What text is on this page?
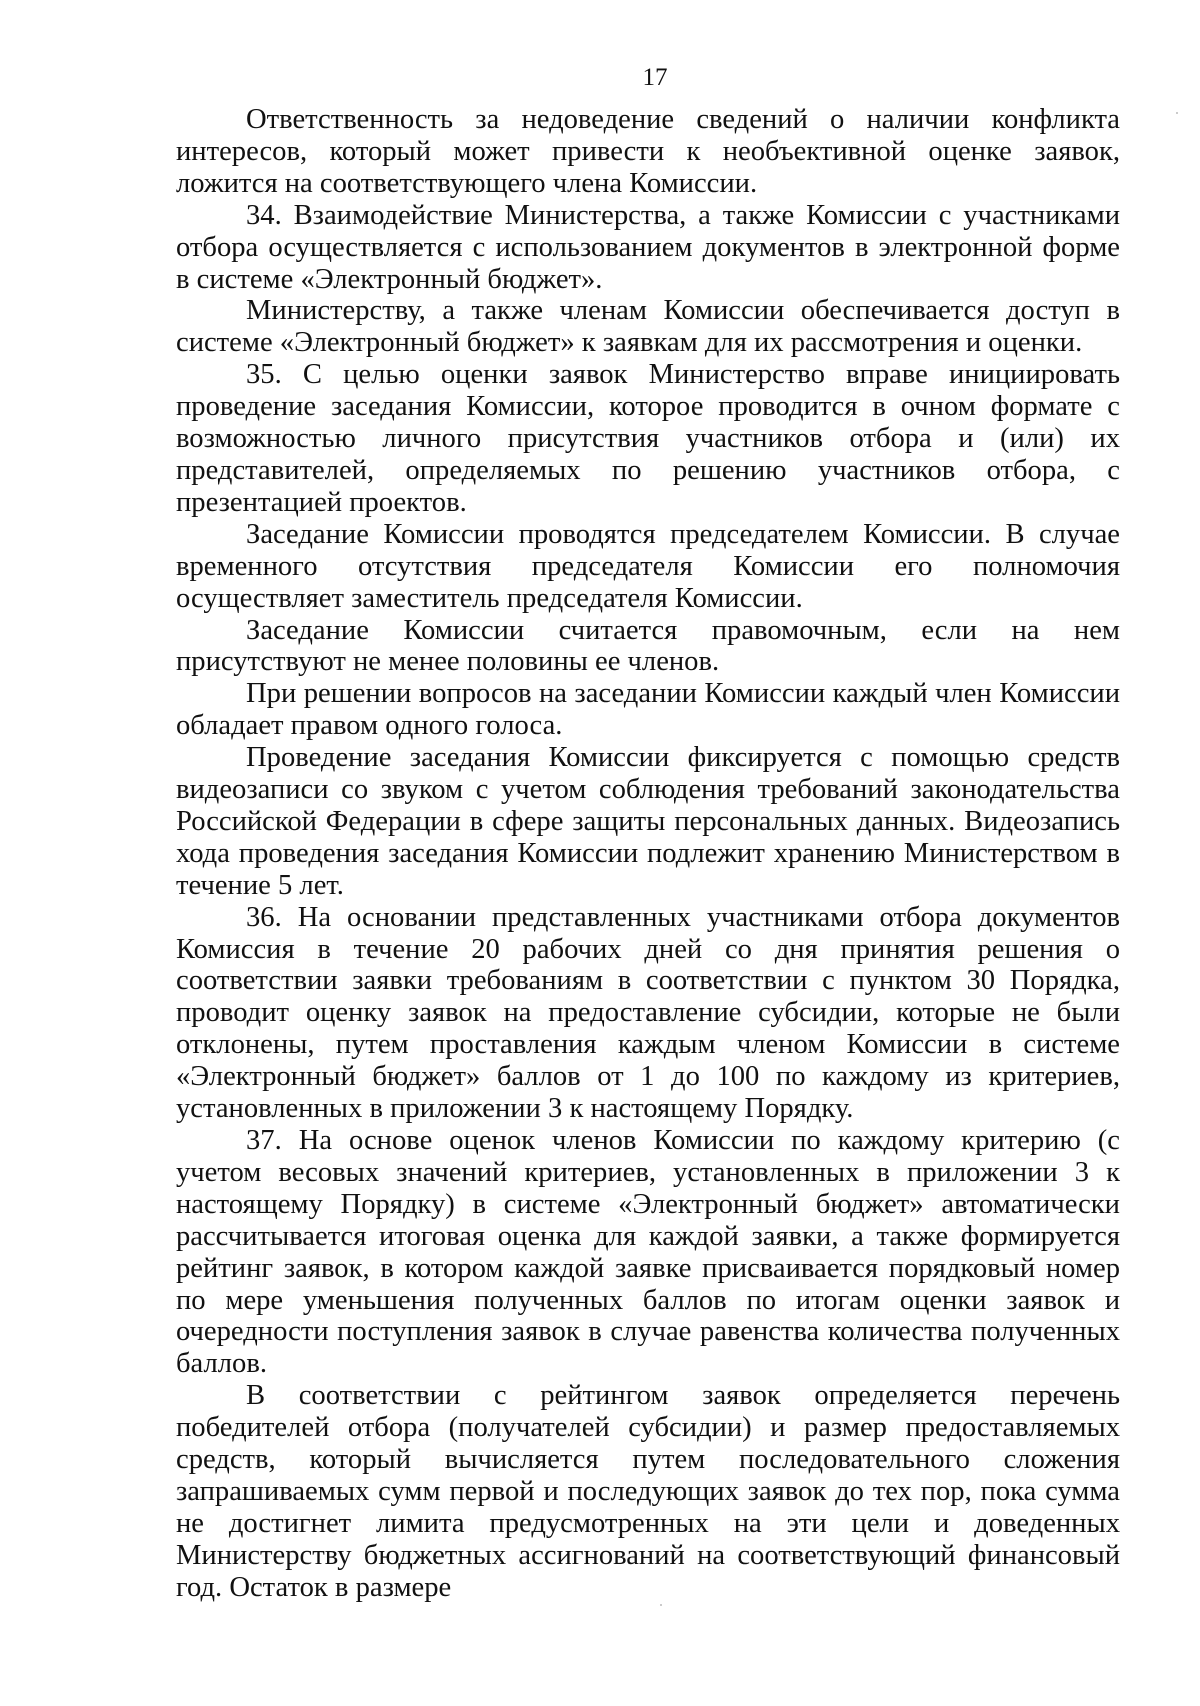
17

Ответственность за недоведение сведений о наличии конфликта интересов, который может привести к необъективной оценке заявок, ложится на соответствующего члена Комиссии.

34. Взаимодействие Министерства, а также Комиссии с участниками отбора осуществляется с использованием документов в электронной форме в системе «Электронный бюджет».

Министерству, а также членам Комиссии обеспечивается доступ в системе «Электронный бюджет» к заявкам для их рассмотрения и оценки.

35. С целью оценки заявок Министерство вправе инициировать проведение заседания Комиссии, которое проводится в очном формате с возможностью личного присутствия участников отбора и (или) их представителей, определяемых по решению участников отбора, с презентацией проектов.

Заседание Комиссии проводятся председателем Комиссии. В случае временного отсутствия председателя Комиссии его полномочия осуществляет заместитель председателя Комиссии.

Заседание Комиссии считается правомочным, если на нем присутствуют не менее половины ее членов.

При решении вопросов на заседании Комиссии каждый член Комиссии обладает правом одного голоса.

Проведение заседания Комиссии фиксируется с помощью средств видеозаписи со звуком с учетом соблюдения требований законодательства Российской Федерации в сфере защиты персональных данных. Видеозапись хода проведения заседания Комиссии подлежит хранению Министерством в течение 5 лет.

36. На основании представленных участниками отбора документов Комиссия в течение 20 рабочих дней со дня принятия решения о соответствии заявки требованиям в соответствии с пунктом 30 Порядка, проводит оценку заявок на предоставление субсидии, которые не были отклонены, путем проставления каждым членом Комиссии в системе «Электронный бюджет» баллов от 1 до 100 по каждому из критериев, установленных в приложении 3 к настоящему Порядку.

37. На основе оценок членов Комиссии по каждому критерию (с учетом весовых значений критериев, установленных в приложении 3 к настоящему Порядку) в системе «Электронный бюджет» автоматически рассчитывается итоговая оценка для каждой заявки, а также формируется рейтинг заявок, в котором каждой заявке присваивается порядковый номер по мере уменьшения полученных баллов по итогам оценки заявок и очередности поступления заявок в случае равенства количества полученных баллов.

В соответствии с рейтингом заявок определяется перечень победителей отбора (получателей субсидии) и размер предоставляемых средств, который вычисляется путем последовательного сложения запрашиваемых сумм первой и последующих заявок до тех пор, пока сумма не достигнет лимита предусмотренных на эти цели и доведенных Министерству бюджетных ассигнований на соответствующий финансовый год. Остаток в размере
